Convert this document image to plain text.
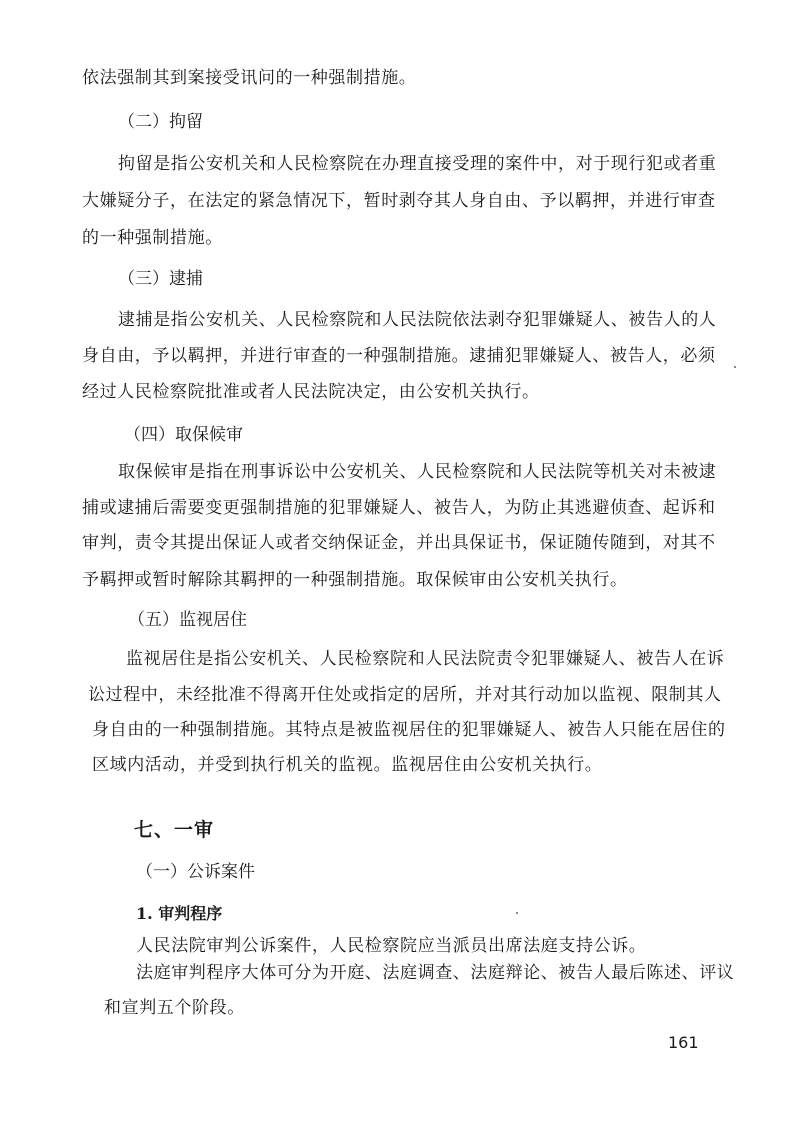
依法强制其到案接受讯问的一种强制措施。
（二）拘留
拘留是指公安机关和人民检察院在办理直接受理的案件中，对于现行犯或者重
大嫌疑分子，在法定的紧急情况下，暂时剥夺其人身自由、予以羁押，并进行审查
的一种强制措施。
（三）逮捕
逮捕是指公安机关、人民检察院和人民法院依法剥夺犯罪嫌疑人、被告人的人
身自由，予以羁押，并进行审查的一种强制措施。逮捕犯罪嫌疑人、被告人，必须
经过人民检察院批准或者人民法院决定，由公安机关执行。
（四）取保候审
取保候审是指在刑事诉讼中公安机关、人民检察院和人民法院等机关对未被逮
捕或逮捕后需要变更强制措施的犯罪嫌疑人、被告人，为防止其逃避侦查、起诉和
审判，责令其提出保证人或者交纳保证金，并出具保证书，保证随传随到，对其不
予羁押或暂时解除其羁押的一种强制措施。取保候审由公安机关执行。
（五）监视居住
监视居住是指公安机关、人民检察院和人民法院责令犯罪嫌疑人、被告人在诉
讼过程中，未经批准不得离开住处或指定的居所，并对其行动加以监视、限制其人
身自由的一种强制措施。其特点是被监视居住的犯罪嫌疑人、被告人只能在居住的
区域内活动，并受到执行机关的监视。监视居住由公安机关执行。
七、一审
（一）公诉案件
1. 审判程序
人民法院审判公诉案件，人民检察院应当派员出席法庭支持公诉。
法庭审判程序大体可分为开庭、法庭调查、法庭辩论、被告人最后陈述、评议
和宣判五个阶段。
161
